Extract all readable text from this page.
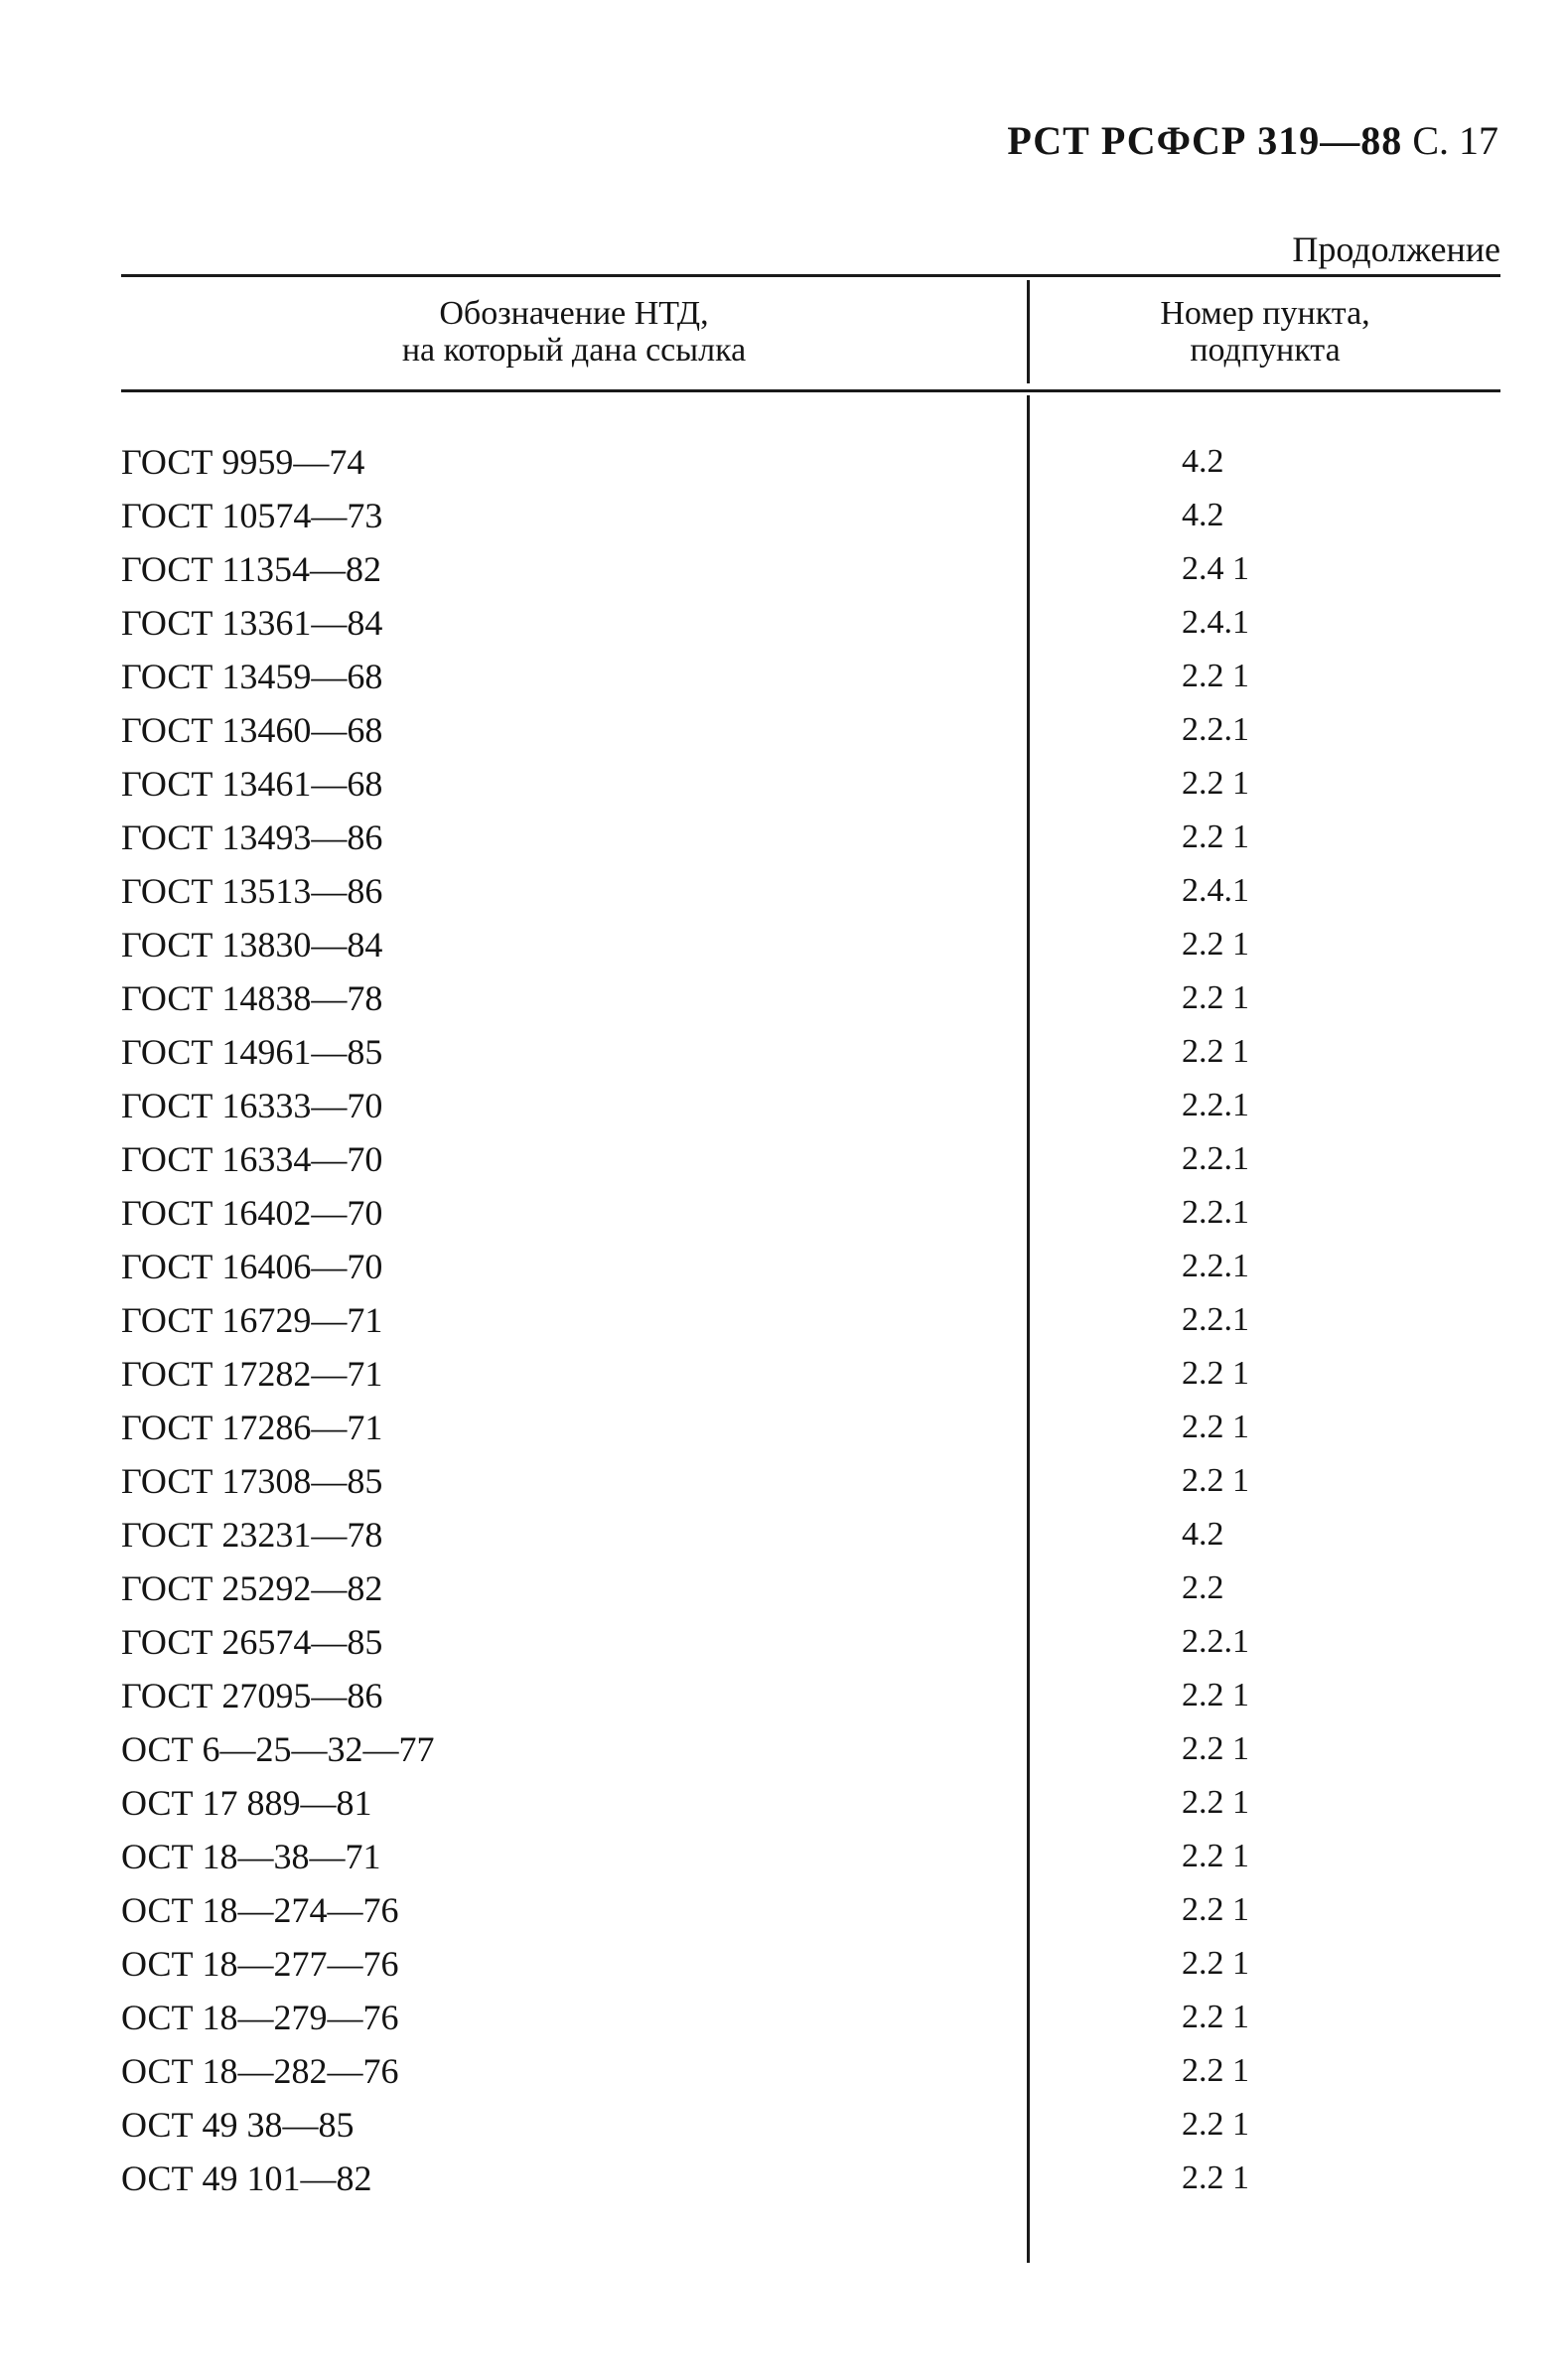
РСТ РСФСР 319—88 С. 17
Продолжение
Обозначение НТД,
на который дана ссылка
Номер пункта,
подпункта
ГОСТ 9959—74	4.2
ГОСТ 10574—73	4.2
ГОСТ 11354—82	2.4 1
ГОСТ 13361—84	2.4.1
ГОСТ 13459—68	2.2 1
ГОСТ 13460—68	2.2.1
ГОСТ 13461—68	2.2 1
ГОСТ 13493—86	2.2 1
ГОСТ 13513—86	2.4.1
ГОСТ 13830—84	2.2 1
ГОСТ 14838—78	2.2 1
ГОСТ 14961—85	2.2 1
ГОСТ 16333—70	2.2.1
ГОСТ 16334—70	2.2.1
ГОСТ 16402—70	2.2.1
ГОСТ 16406—70	2.2.1
ГОСТ 16729—71	2.2.1
ГОСТ 17282—71	2.2 1
ГОСТ 17286—71	2.2 1
ГОСТ 17308—85	2.2 1
ГОСТ 23231—78	4.2
ГОСТ 25292—82	2.2
ГОСТ 26574—85	2.2.1
ГОСТ 27095—86	2.2 1
ОСТ 6—25—32—77	2.2 1
ОСТ 17 889—81	2.2 1
ОСТ 18—38—71	2.2 1
ОСТ 18—274—76	2.2 1
ОСТ 18—277—76	2.2 1
ОСТ 18—279—76	2.2 1
ОСТ 18—282—76	2.2 1
ОСТ 49 38—85	2.2 1
ОСТ 49 101—82	2.2 1
